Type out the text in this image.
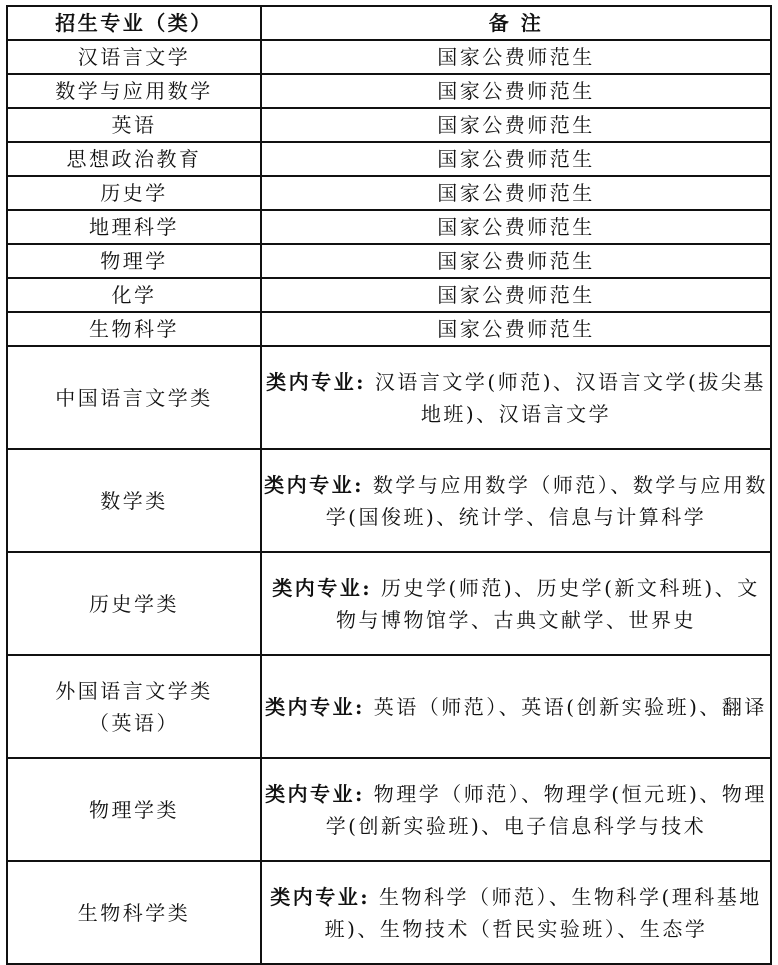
招生专业（类）	备 注
汉语言文学	国家公费师范生
数学与应用数学	国家公费师范生
英语	国家公费师范生
思想政治教育	国家公费师范生
历史学	国家公费师范生
地理科学	国家公费师范生
物理学	国家公费师范生
化学	国家公费师范生
生物科学	国家公费师范生
中国语言文学类	类内专业: 汉语言文学(师范)、汉语言文学(拔尖基地班)、汉语言文学
数学类	类内专业: 数学与应用数学（师范）、数学与应用数学(国俊班)、统计学、信息与计算科学
历史学类	类内专业: 历史学(师范)、历史学(新文科班)、文物与博物馆学、古典文献学、世界史
外国语言文学类
（英语）	类内专业: 英语（师范）、英语(创新实验班)、翻译
物理学类	类内专业: 物理学（师范）、物理学(恒元班)、物理学(创新实验班)、电子信息科学与技术
生物科学类	类内专业: 生物科学（师范）、生物科学(理科基地班)、生物技术（哲民实验班）、生态学
